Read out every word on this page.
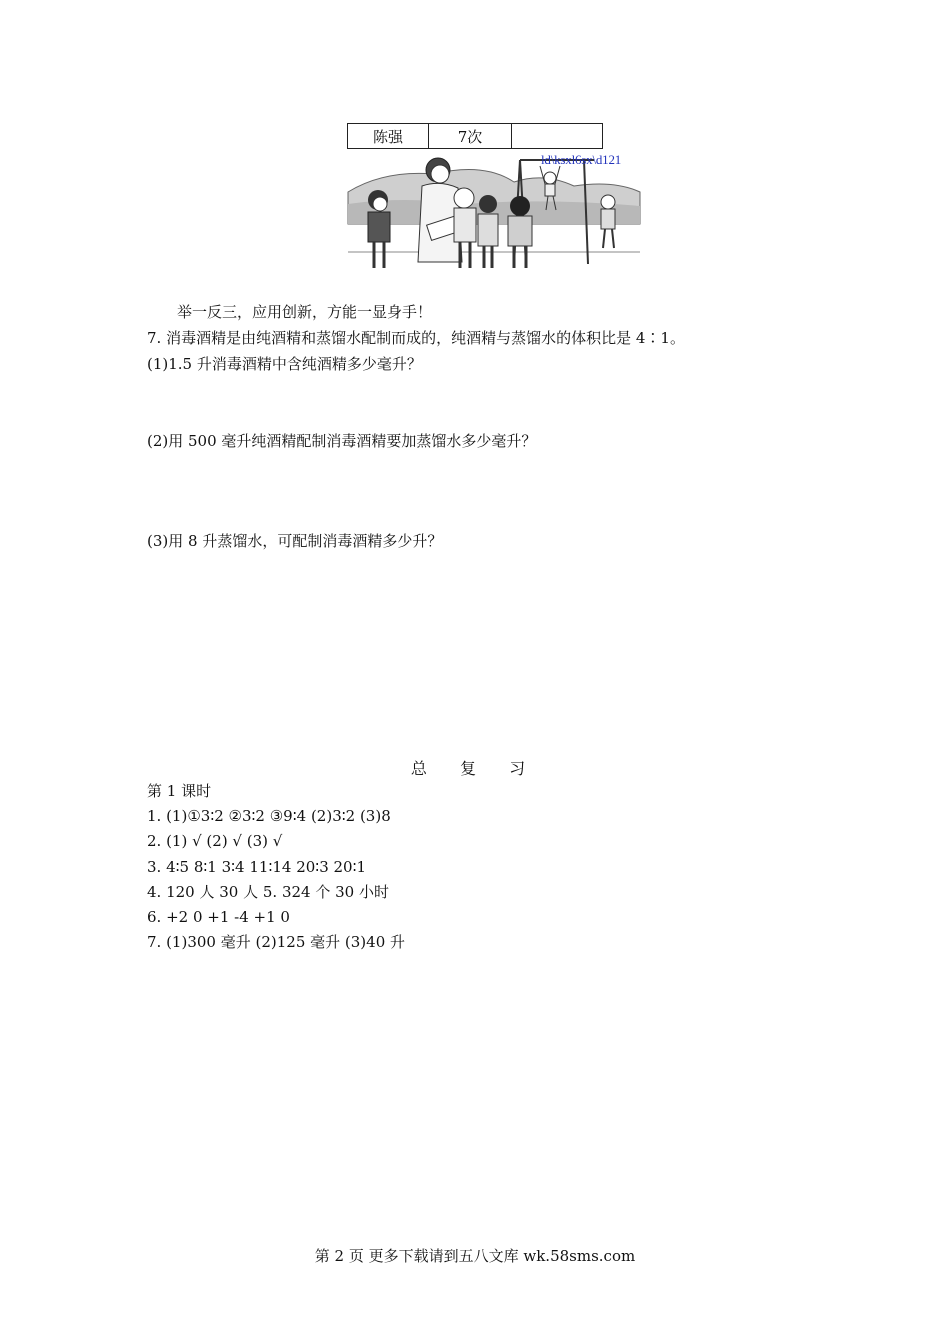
陈强	7次	
ld\ksxl6sx\d121
举一反三，应用创新，方能一显身手！
7. 消毒酒精是由纯酒精和蒸馏水配制而成的，纯酒精与蒸馏水的体积比是 4∶1。
(1)1.5 升消毒酒精中含纯酒精多少毫升？
(2)用 500 毫升纯酒精配制消毒酒精要加蒸馏水多少毫升？
(3)用 8 升蒸馏水，可配制消毒酒精多少升？
总 复 习
第 1 课时
1. (1)①3∶2 ②3∶2 ③9∶4 (2)3∶2 (3)8
2. (1) √ (2) √ (3) √
3. 4∶5 8∶1 3∶4 11∶14 20∶3 20∶1
4. 120 人 30 人 5. 324 个 30 小时
6. +2 0 +1 -4 +1 0
7. (1)300 毫升 (2)125 毫升 (3)40 升
第 2 页 更多下载请到五八文库 wk.58sms.com
